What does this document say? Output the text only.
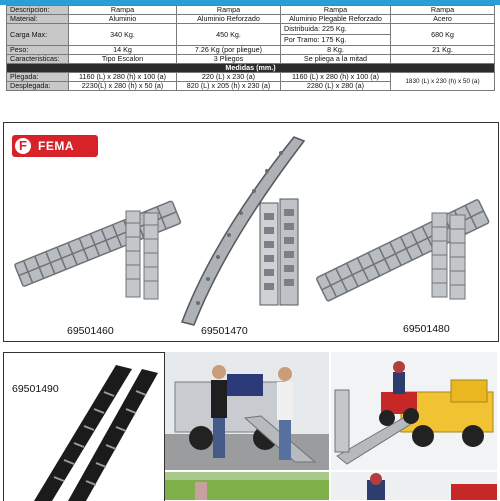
Descripcion:	Rampa	Rampa	Rampa	Rampa
Material:	Aluminio	Aluminio Reforzado	Aluminio Plegable Reforzado	Acero
Carga Max:	340 Kg.	450 Kg.	Distribuida: 225 Kg.
Por Tramo: 175 Kg.	680 Kg
Peso:	14 Kg	7.26 Kg (por pliegue)	8 Kg.	21 Kg.
Caracteristicas:	Tipo Escalon	3 Pliegos	Se pliega a la mitad	
Medidas (mm.)				
Plegada:	1160 (L) x 280 (h) x 100 (a)	220 (L) x 230 (a)	1160 (L) x 280 (h) x 100 (a)	1830 (L) x 230 (h) x 50 (a)
Desplegada:	2230(L) x 280 (h) x 50 (a)	820 (L) x 205 (h) x 230 (a)	2280 (L) x 280 (a)	
F FEMA
69501460	69501470	69501480
69501490
